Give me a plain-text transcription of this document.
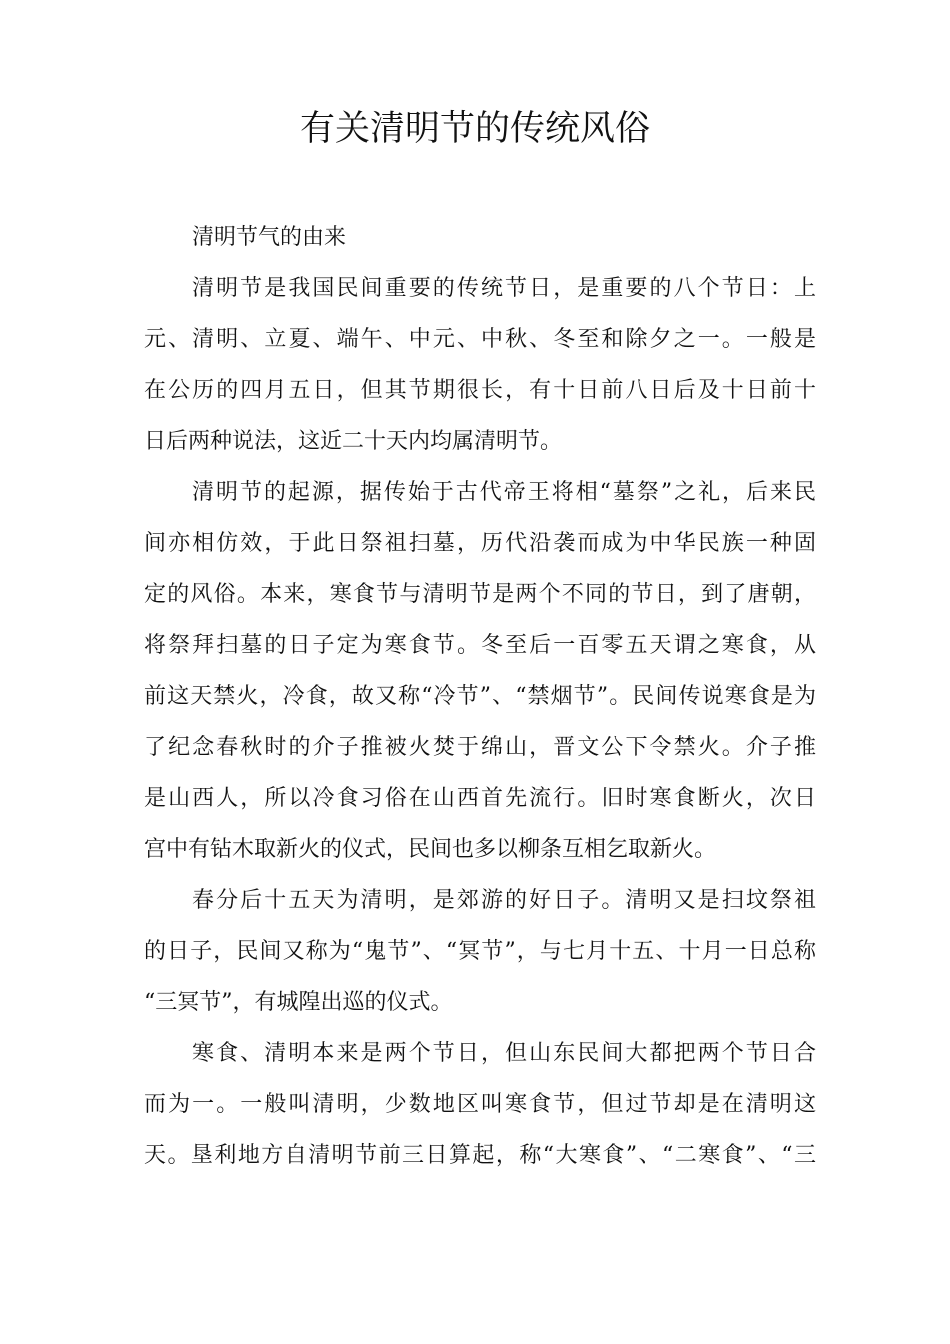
有关清明节的传统风俗
清明节气的由来
清明节是我国民间重要的传统节日，是重要的八个节日：上
元、清明、立夏、端午、中元、中秋、冬至和除夕之一。一般是
在公历的四月五日，但其节期很长，有十日前八日后及十日前十
日后两种说法，这近二十天内均属清明节。
清明节的起源，据传始于古代帝王将相“墓祭”之礼，后来民
间亦相仿效，于此日祭祖扫墓，历代沿袭而成为中华民族一种固
定的风俗。本来，寒食节与清明节是两个不同的节日，到了唐朝，
将祭拜扫墓的日子定为寒食节。冬至后一百零五天谓之寒食，从
前这天禁火，冷食，故又称“冷节”、“禁烟节”。民间传说寒食是为
了纪念春秋时的介子推被火焚于绵山，晋文公下令禁火。介子推
是山西人，所以冷食习俗在山西首先流行。旧时寒食断火，次日
宫中有钻木取新火的仪式，民间也多以柳条互相乞取新火。
春分后十五天为清明，是郊游的好日子。清明又是扫坟祭祖
的日子，民间又称为“鬼节”、“冥节”，与七月十五、十月一日总称
“三冥节”，有城隍出巡的仪式。
寒食、清明本来是两个节日，但山东民间大都把两个节日合
而为一。一般叫清明，少数地区叫寒食节，但过节却是在清明这
天。垦利地方自清明节前三日算起，称“大寒食”、“二寒食”、“三
